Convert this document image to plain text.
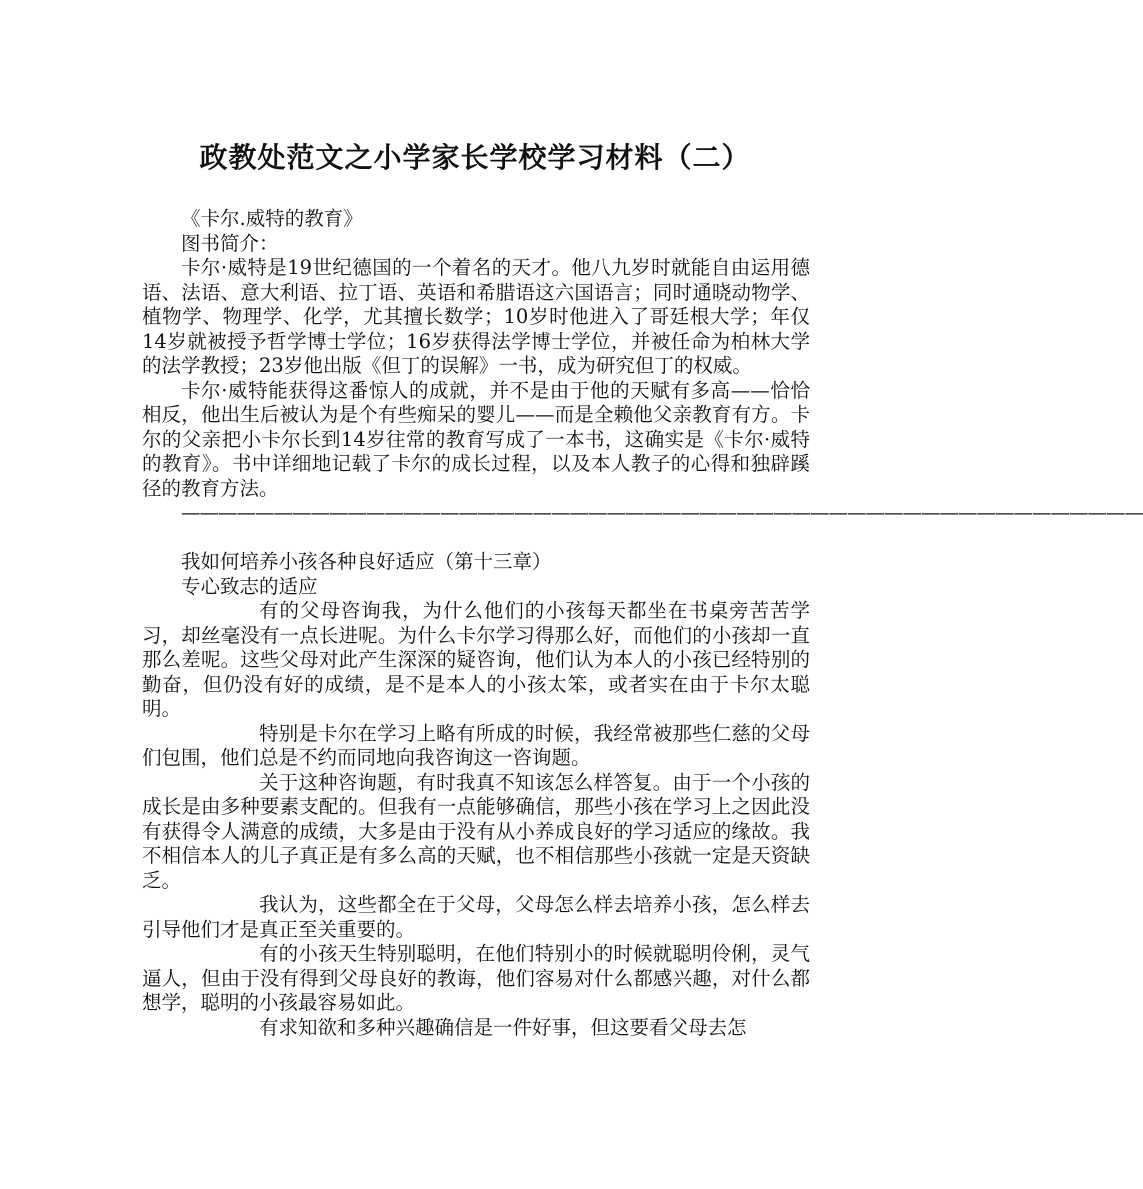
政教处范文之小学家长学校学习材料（二）

《卡尔.威特的教育》

图书简介：

卡尔·威特是19世纪德国的一个着名的天才。他八九岁时就能自由运用德语、法语、意大利语、拉丁语、英语和希腊语这六国语言；同时通晓动物学、植物学、物理学、化学，尤其擅长数学；10岁时他进入了哥廷根大学；年仅14岁就被授予哲学博士学位；16岁获得法学博士学位，并被任命为柏林大学的法学教授；23岁他出版《但丁的误解》一书，成为研究但丁的权威。

卡尔·威特能获得这番惊人的成就，并不是由于他的天赋有多高——恰恰相反，他出生后被认为是个有些痴呆的婴儿——而是全赖他父亲教育有方。卡尔的父亲把小卡尔长到14岁往常的教育写成了一本书，这确实是《卡尔·威特的教育》。书中详细地记载了卡尔的成长过程，以及本人教子的心得和独辟蹊径的教育方法。

————————————————————————————————————————————————————

我如何培养小孩各种良好适应（第十三章）

专心致志的适应

有的父母咨询我，为什么他们的小孩每天都坐在书桌旁苦苦学习，却丝毫没有一点长进呢。为什么卡尔学习得那么好，而他们的小孩却一直那么差呢。这些父母对此产生深深的疑咨询，他们认为本人的小孩已经特别的勤奋，但仍没有好的成绩，是不是本人的小孩太笨，或者实在由于卡尔太聪明。

特别是卡尔在学习上略有所成的时候，我经常被那些仁慈的父母们包围，他们总是不约而同地向我咨询这一咨询题。

关于这种咨询题，有时我真不知该怎么样答复。由于一个小孩的成长是由多种要素支配的。但我有一点能够确信，那些小孩在学习上之因此没有获得令人满意的成绩，大多是由于没有从小养成良好的学习适应的缘故。我不相信本人的儿子真正是有多么高的天赋，也不相信那些小孩就一定是天资缺乏。

我认为，这些都全在于父母，父母怎么样去培养小孩，怎么样去引导他们才是真正至关重要的。

有的小孩天生特别聪明，在他们特别小的时候就聪明伶俐，灵气逼人，但由于没有得到父母良好的教诲，他们容易对什么都感兴趣，对什么都想学，聪明的小孩最容易如此。

有求知欲和多种兴趣确信是一件好事，但这要看父母去怎
